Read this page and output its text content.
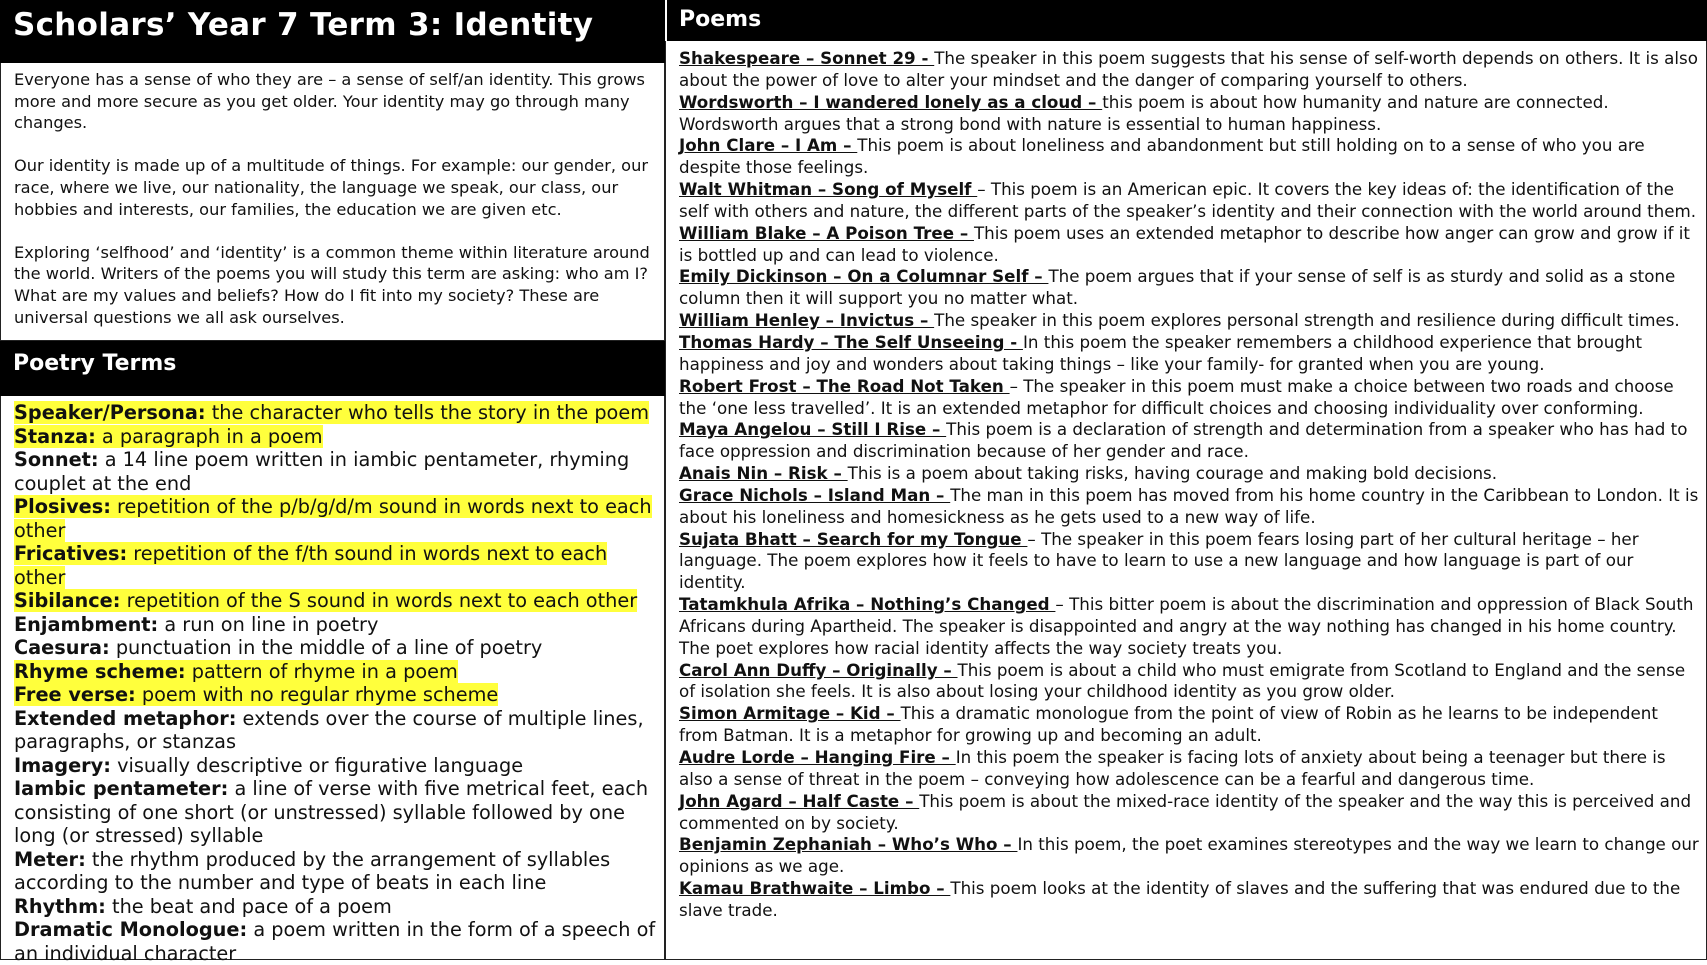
Scholars’ Year 7 Term 3: Identity

Everyone has a sense of who they are – a sense of self/an identity. This grows more and more secure as you get older. Your identity may go through many changes.

Our identity is made up of a multitude of things. For example: our gender, our race, where we live, our nationality, the language we speak, our class, our hobbies and interests, our families, the education we are given etc.

Exploring ‘selfhood’ and ‘identity’ is a common theme within literature around the world. Writers of the poems you will study this term are asking: who am I? What are my values and beliefs? How do I fit into my society? These are universal questions we all ask ourselves.

Poetry Terms

Speaker/Persona: the character who tells the story in the poem

Stanza: a paragraph in a poem

Sonnet: a 14 line poem written in iambic pentameter, rhyming couplet at the end

Plosives: repetition of the p/b/g/d/m sound in words next to each other

Fricatives: repetition of the f/th sound in words next to each other

Sibilance: repetition of the S sound in words next to each other

Enjambment: a run on line in poetry

Caesura: punctuation in the middle of a line of poetry

Rhyme scheme: pattern of rhyme in a poem

Free verse: poem with no regular rhyme scheme

Extended metaphor: extends over the course of multiple lines, paragraphs, or stanzas

Imagery: visually descriptive or figurative language

Iambic pentameter: a line of verse with five metrical feet, each consisting of one short (or unstressed) syllable followed by one long (or stressed) syllable

Meter: the rhythm produced by the arrangement of syllables according to the number and type of beats in each line

Rhythm: the beat and pace of a poem

Dramatic Monologue: a poem written in the form of a speech of an individual character

Poems

Shakespeare – Sonnet 29 - The speaker in this poem suggests that his sense of self-worth depends on others. It is also about the power of love to alter your mindset and the danger of comparing yourself to others.

Wordsworth – I wandered lonely as a cloud – this poem is about how humanity and nature are connected. Wordsworth argues that a strong bond with nature is essential to human happiness.

John Clare – I Am – This poem is about loneliness and abandonment but still holding on to a sense of who you are despite those feelings.

Walt Whitman – Song of Myself – This poem is an American epic. It covers the key ideas of: the identification of the self with others and nature, the different parts of the speaker’s identity and their connection with the world around them.

William Blake – A Poison Tree – This poem uses an extended metaphor to describe how anger can grow and grow if it is bottled up and can lead to violence.

Emily Dickinson – On a Columnar Self – The poem argues that if your sense of self is as sturdy and solid as a stone column then it will support you no matter what.

William Henley – Invictus – The speaker in this poem explores personal strength and resilience during difficult times.

Thomas Hardy – The Self Unseeing - In this poem the speaker remembers a childhood experience that brought happiness and joy and wonders about taking things – like your family- for granted when you are young.

Robert Frost – The Road Not Taken – The speaker in this poem must make a choice between two roads and choose the ‘one less travelled’. It is an extended metaphor for difficult choices and choosing individuality over conforming.

Maya Angelou – Still I Rise – This poem is a declaration of strength and determination from a speaker who has had to face oppression and discrimination because of her gender and race.

Anais Nin – Risk – This is a poem about taking risks, having courage and making bold decisions.

Grace Nichols – Island Man – The man in this poem has moved from his home country in the Caribbean to London. It is about his loneliness and homesickness as he gets used to a new way of life.

Sujata Bhatt – Search for my Tongue – The speaker in this poem fears losing part of her cultural heritage – her language. The poem explores how it feels to have to learn to use a new language and how language is part of our identity.

Tatamkhula Afrika – Nothing’s Changed – This bitter poem is about the discrimination and oppression of Black South Africans during Apartheid. The speaker is disappointed and angry at the way nothing has changed in his home country. The poet explores how racial identity affects the way society treats you.

Carol Ann Duffy – Originally – This poem is about a child who must emigrate from Scotland to England and the sense of isolation she feels. It is also about losing your childhood identity as you grow older.

Simon Armitage – Kid – This a dramatic monologue from the point of view of Robin as he learns to be independent from Batman. It is a metaphor for growing up and becoming an adult.

Audre Lorde – Hanging Fire – In this poem the speaker is facing lots of anxiety about being a teenager but there is also a sense of threat in the poem – conveying how adolescence can be a fearful and dangerous time.

John Agard – Half Caste – This poem is about the mixed-race identity of the speaker and the way this is perceived and commented on by society.

Benjamin Zephaniah – Who’s Who – In this poem, the poet examines stereotypes and the way we learn to change our opinions as we age.

Kamau Brathwaite – Limbo – This poem looks at the identity of slaves and the suffering that was endured due to the slave trade.
